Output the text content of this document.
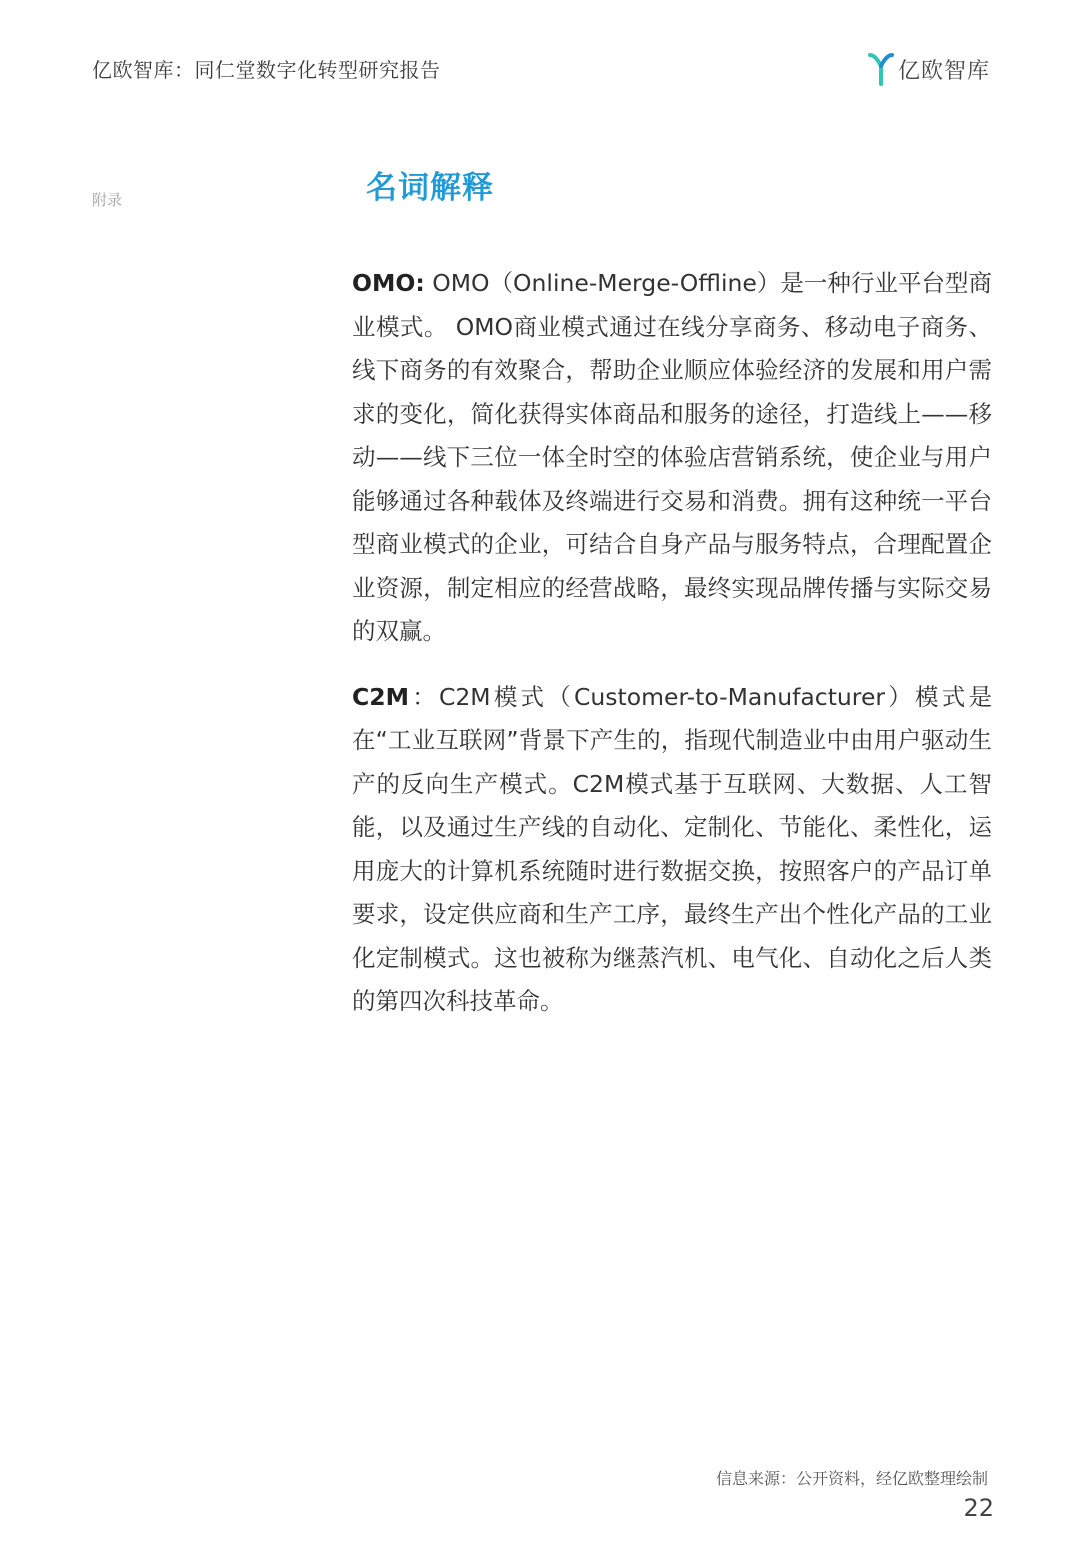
亿欧智库：同仁堂数字化转型研究报告	亿欧智库
附录	名词解释

OMO: OMO（Online-Merge-Offline）是一种行业平台型商业模式。 OMO商业模式通过在线分享商务、移动电子商务、线下商务的有效聚合，帮助企业顺应体验经济的发展和用户需求的变化，简化获得实体商品和服务的途径，打造线上——移动——线下三位一体全时空的体验店营销系统，使企业与用户能够通过各种载体及终端进行交易和消费。拥有这种统一平台型商业模式的企业，可结合自身产品与服务特点，合理配置企业资源，制定相应的经营战略，最终实现品牌传播与实际交易的双赢。

C2M：C2M模式（Customer-to-Manufacturer）模式是在“工业互联网”背景下产生的，指现代制造业中由用户驱动生产的反向生产模式。C2M模式基于互联网、大数据、人工智能，以及通过生产线的自动化、定制化、节能化、柔性化，运用庞大的计算机系统随时进行数据交换，按照客户的产品订单要求，设定供应商和生产工序，最终生产出个性化产品的工业化定制模式。这也被称为继蒸汽机、电气化、自动化之后人类的第四次科技革命。

信息来源：公开资料，经亿欧整理绘制
22
